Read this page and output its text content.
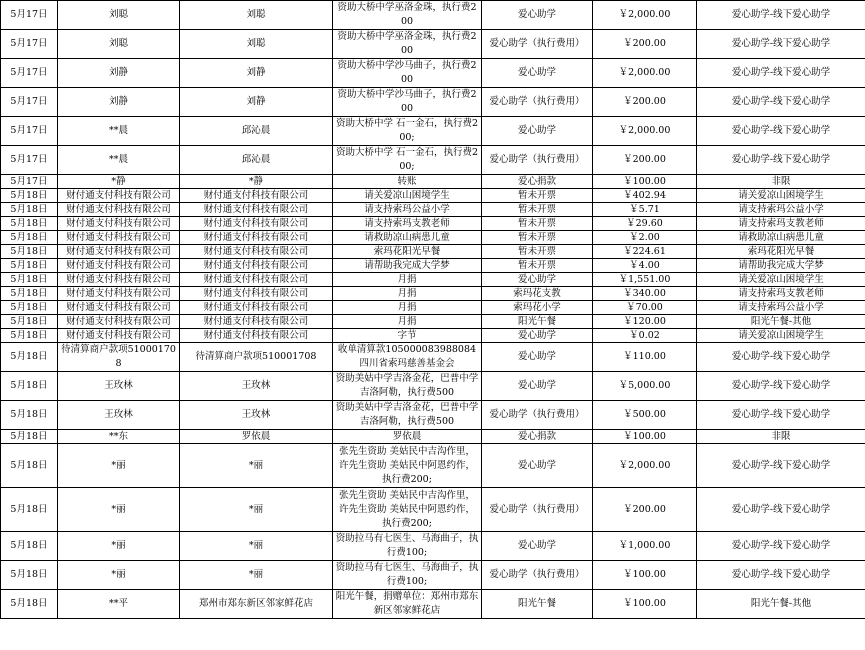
5月17日	刘聪	刘聪	资助大桥中学巫洛金珠，执行费200	爱心助学	￥2,000.00	爱心助学-线下爱心助学
5月17日	刘聪	刘聪	资助大桥中学巫洛金珠，执行费200	爱心助学（执行费用）	￥200.00	爱心助学-线下爱心助学
5月17日	刘静	刘静	资助大桥中学沙马曲子，执行费200	爱心助学	￥2,000.00	爱心助学-线下爱心助学
5月17日	刘静	刘静	资助大桥中学沙马曲子，执行费200	爱心助学（执行费用）	￥200.00	爱心助学-线下爱心助学
5月17日	**晨	邱沁晨	资助大桥中学 石一金石，执行费200;	爱心助学	￥2,000.00	爱心助学-线下爱心助学
5月17日	**晨	邱沁晨	资助大桥中学 石一金石，执行费200;	爱心助学（执行费用）	￥200.00	爱心助学-线下爱心助学
5月17日	*静	*静	转账	爱心捐款	￥100.00	非限
5月18日	财付通支付科技有限公司	财付通支付科技有限公司	请关爱凉山困境学生	暂未开票	￥402.94	请关爱凉山困境学生
5月18日	财付通支付科技有限公司	财付通支付科技有限公司	请支持索玛公益小学	暂未开票	￥5.71	请支持索玛公益小学
5月18日	财付通支付科技有限公司	财付通支付科技有限公司	请支持索玛支教老师	暂未开票	￥29.60	请支持索玛支教老师
5月18日	财付通支付科技有限公司	财付通支付科技有限公司	请救助凉山病患儿童	暂未开票	￥2.00	请救助凉山病患儿童
5月18日	财付通支付科技有限公司	财付通支付科技有限公司	索玛花阳光早餐	暂未开票	￥224.61	索玛花阳光早餐
5月18日	财付通支付科技有限公司	财付通支付科技有限公司	请帮助我完成大学梦	暂未开票	￥4.00	请帮助我完成大学梦
5月18日	财付通支付科技有限公司	财付通支付科技有限公司	月捐	爱心助学	￥1,551.00	请关爱凉山困境学生
5月18日	财付通支付科技有限公司	财付通支付科技有限公司	月捐	索玛花支教	￥340.00	请支持索玛支教老师
5月18日	财付通支付科技有限公司	财付通支付科技有限公司	月捐	索玛花小学	￥70.00	请支持索玛公益小学
5月18日	财付通支付科技有限公司	财付通支付科技有限公司	月捐	阳光午餐	￥120.00	阳光午餐-其他
5月18日	财付通支付科技有限公司	财付通支付科技有限公司	字节	爱心助学	￥0.02	请关爱凉山困境学生
5月18日	待清算商户款项510001708	待清算商户款项510001708	收单清算款105000083988084四川省索玛慈善基金会	爱心助学	￥110.00	爱心助学-线下爱心助学
5月18日	王玫林	王玫林	资助美姑中学吉洛金花，巴普中学吉洛阿勒，执行费500	爱心助学	￥5,000.00	爱心助学-线下爱心助学
5月18日	王玫林	王玫林	资助美姑中学吉洛金花，巴普中学吉洛阿勒，执行费500	爱心助学（执行费用）	￥500.00	爱心助学-线下爱心助学
5月18日	**东	罗依晨	罗依晨	爱心捐款	￥100.00	非限
5月18日	*丽	*丽	张先生资助 美姑民中吉沟作里，许先生资助 美姑民中阿恩约作，执行费200;	爱心助学	￥2,000.00	爱心助学-线下爱心助学
5月18日	*丽	*丽	张先生资助 美姑民中吉沟作里，许先生资助 美姑民中阿恩约作，执行费200;	爱心助学（执行费用）	￥200.00	爱心助学-线下爱心助学
5月18日	*丽	*丽	资助拉马有七医生、马海曲子，执行费100;	爱心助学	￥1,000.00	爱心助学-线下爱心助学
5月18日	*丽	*丽	资助拉马有七医生、马海曲子，执行费100;	爱心助学（执行费用）	￥100.00	爱心助学-线下爱心助学
5月18日	**平	郑州市郑东新区邻家鲜花店	阳光午餐，捐赠单位：郑州市郑东新区邻家鲜花店	阳光午餐	￥100.00	阳光午餐-其他
